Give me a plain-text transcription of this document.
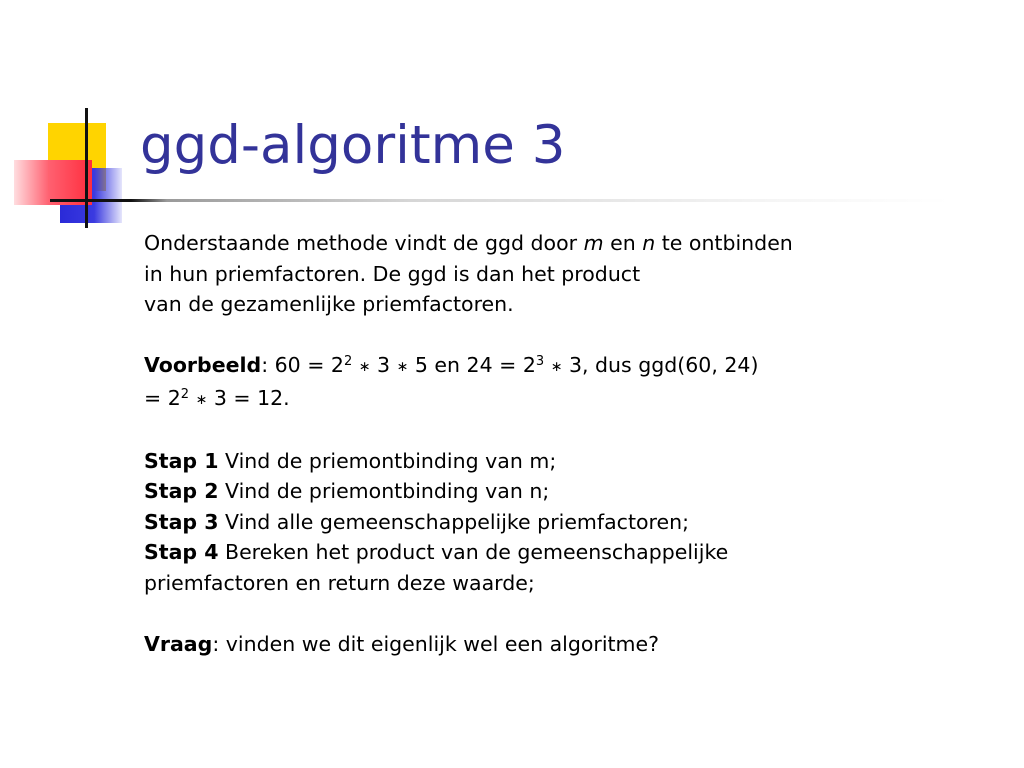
ggd-algoritme 3

Onderstaande methode vindt de ggd door m en n te ontbinden
in hun priemfactoren. De ggd is dan het product
van de gezamenlijke priemfactoren.

Voorbeeld: $60 = 2^2$ ∗ 3 ∗ 5 en $24 = 2^3$ ∗ 3, dus ggd(60, 24)
= $2^2$ ∗ 3 = 12.

Stap 1 Vind de priemontbinding van m;
Stap 2 Vind de priemontbinding van n;
Stap 3 Vind alle gemeenschappelijke priemfactoren;
Stap 4 Bereken het product van de gemeenschappelijke
priemfactoren en return deze waarde;

Vraag: vinden we dit eigenlijk wel een algoritme?
